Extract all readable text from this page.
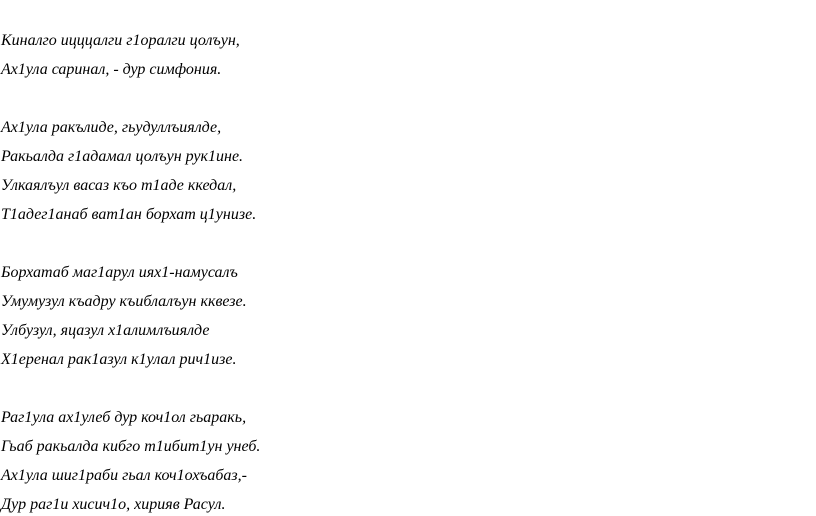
Киналго ицццалги г1оралги цолъун,
Ах1ула саринал, - дур симфония.
Ах1ула ракълиде, гьудуллъиялде,
Ракьалда г1адамал цолъун рук1ине.
Улкаялъул васаз къо т1аде ккедал,
Т1адег1анаб ват1ан борхат ц1унизе.
Борхатаб маг1арул иях1-намусалъ
Умумузул къадру къиблалъун кквезе.
Улбузул, яцазул х1алимлъиялде
Х1еренал рак1азул к1улал рич1изе.
Раг1ула ах1улеб дур коч1ол гьаракь,
Гьаб ракьалда кибго т1ибит1ун унеб.
Ах1ула шиг1раби гьал коч1охъабаз,-
Дур раг1и хисич1о, хирияв Расул.
